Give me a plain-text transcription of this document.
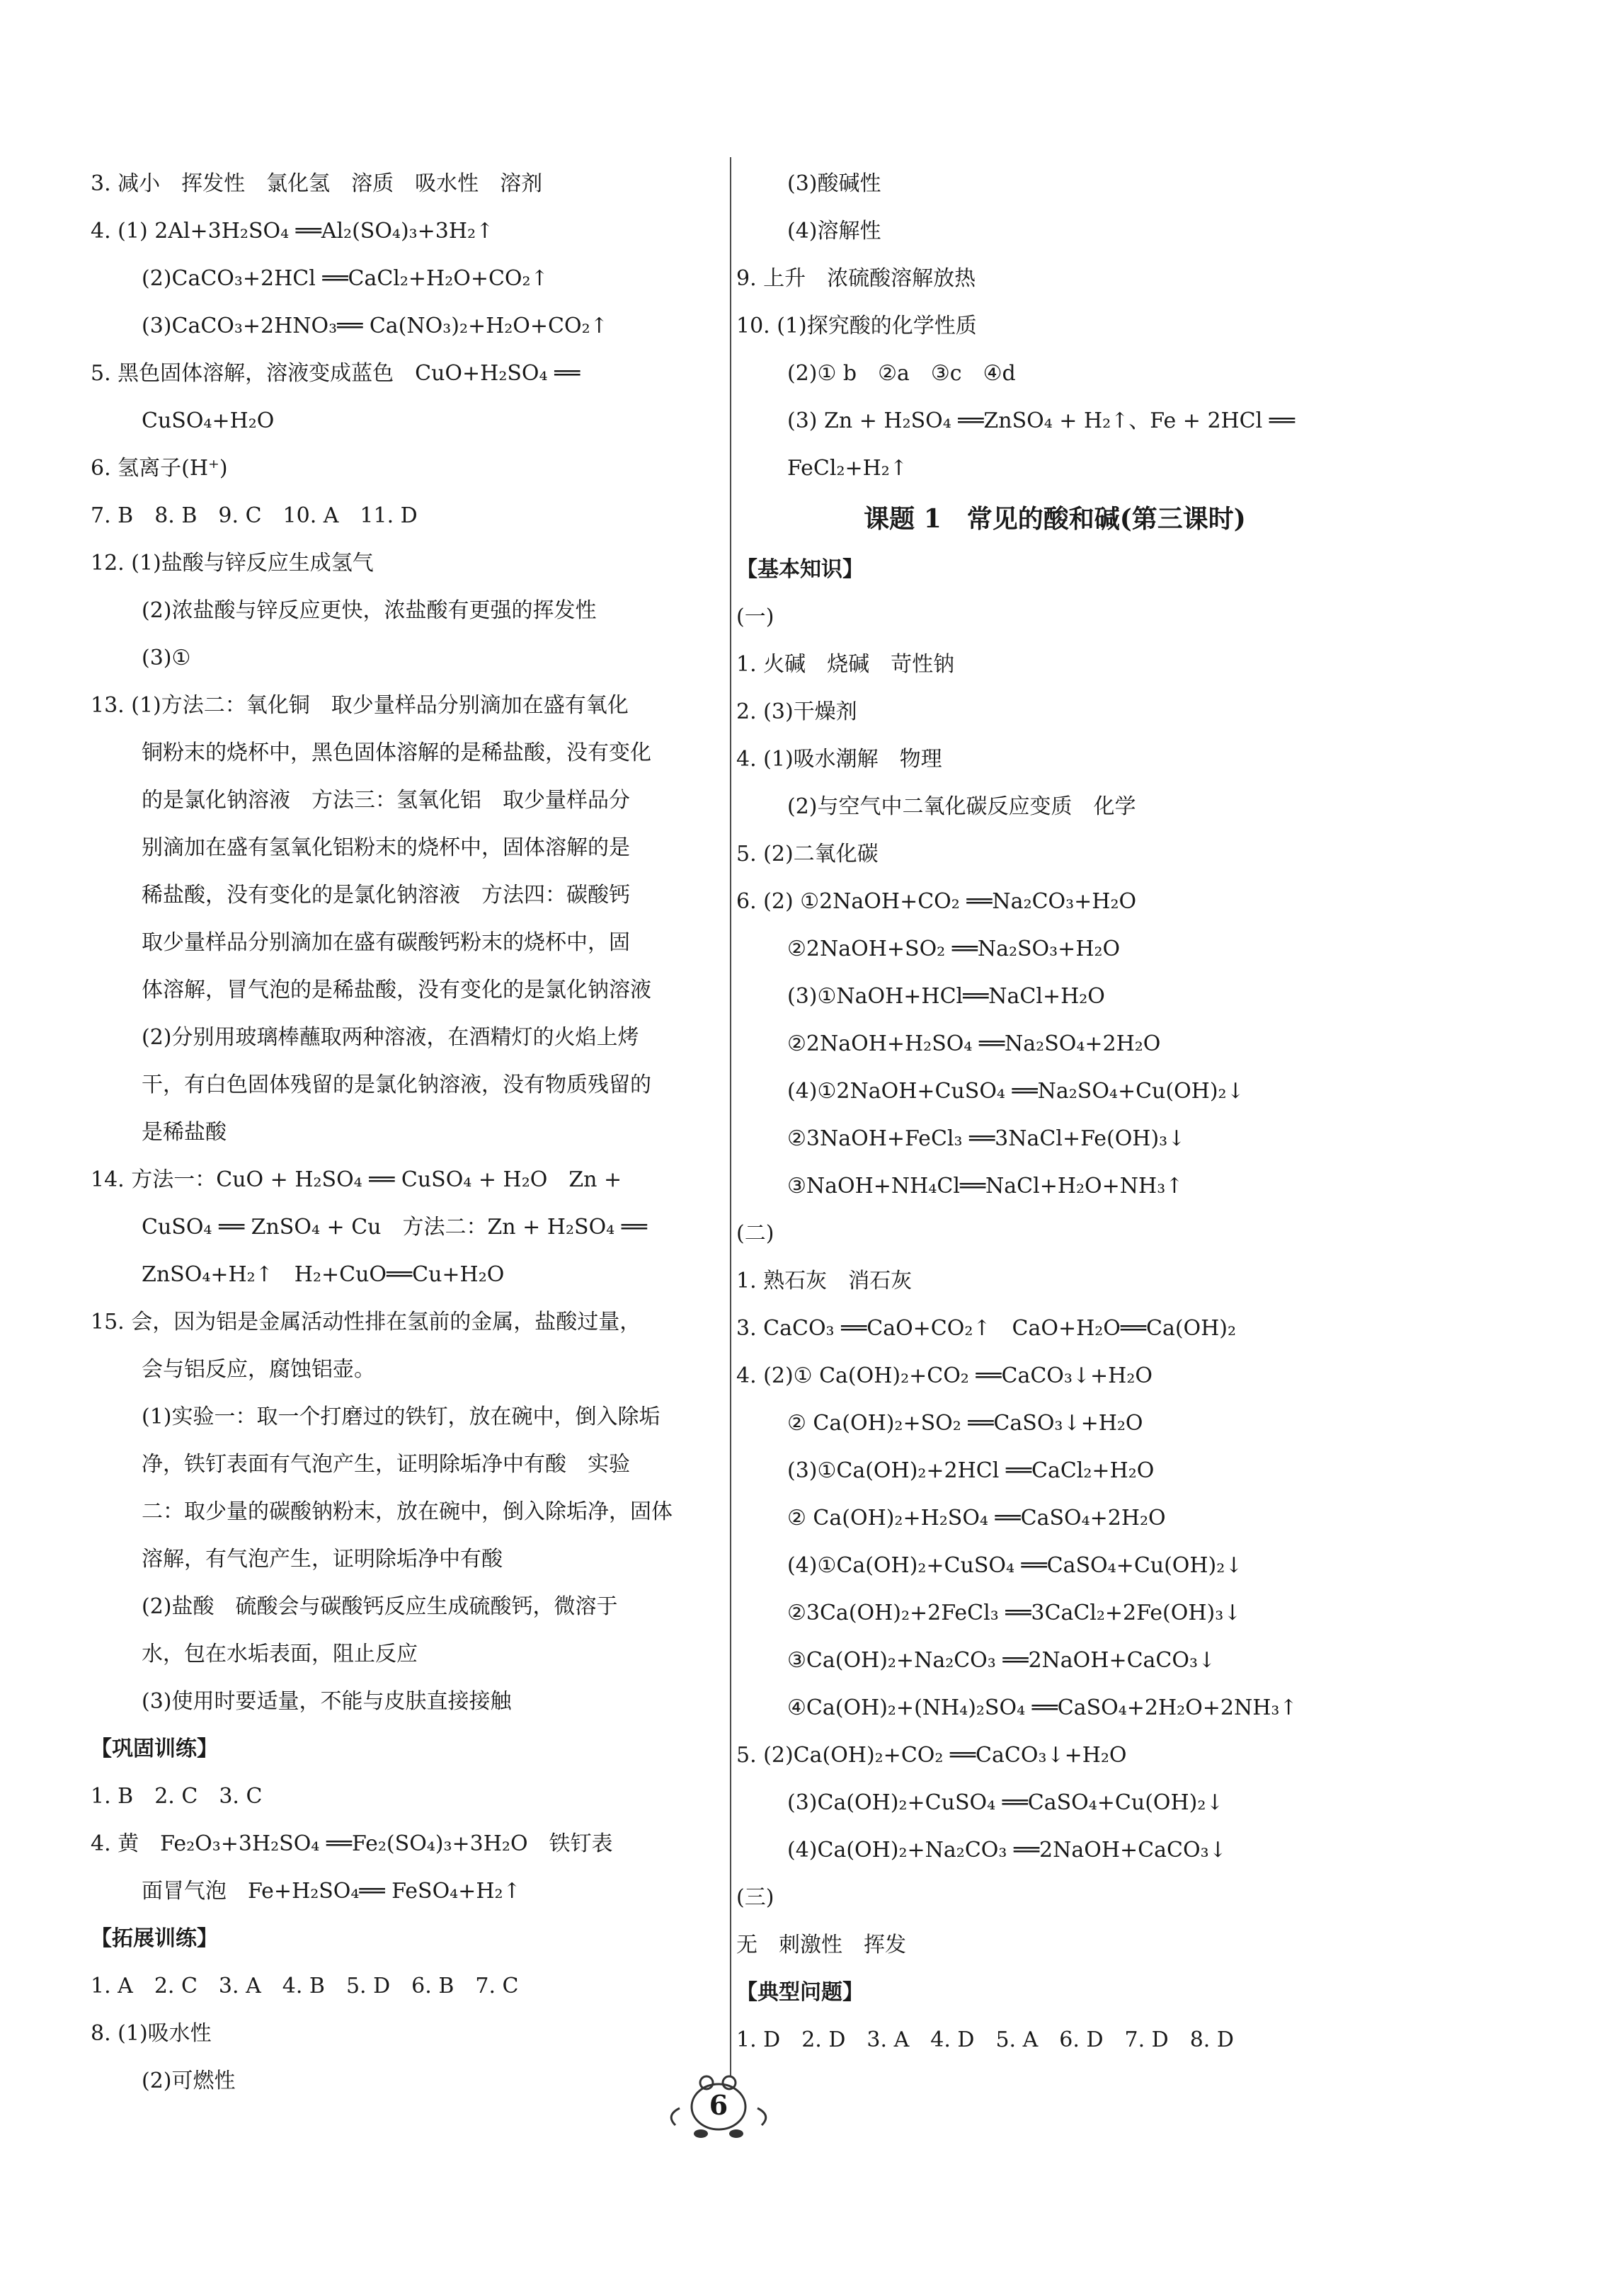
3. 减小　挥发性　氯化氢　溶质　吸水性　溶剂
4. (1) 2Al+3H₂SO₄ ══Al₂(SO₄)₃+3H₂↑
(2)CaCO₃+2HCl ══CaCl₂+H₂O+CO₂↑
(3)CaCO₃+2HNO₃══ Ca(NO₃)₂+H₂O+CO₂↑
5. 黑色固体溶解，溶液变成蓝色　CuO+H₂SO₄ ══
CuSO₄+H₂O
6. 氢离子(H⁺)
7. B　8. B　9. C　10. A　11. D
12. (1)盐酸与锌反应生成氢气
(2)浓盐酸与锌反应更快，浓盐酸有更强的挥发性
(3)①
13. (1)方法二：氧化铜　取少量样品分别滴加在盛有氧化
铜粉末的烧杯中，黑色固体溶解的是稀盐酸，没有变化
的是氯化钠溶液　方法三：氢氧化铝　取少量样品分
别滴加在盛有氢氧化铝粉末的烧杯中，固体溶解的是
稀盐酸，没有变化的是氯化钠溶液　方法四：碳酸钙
取少量样品分别滴加在盛有碳酸钙粉末的烧杯中，固
体溶解，冒气泡的是稀盐酸，没有变化的是氯化钠溶液
(2)分别用玻璃棒蘸取两种溶液，在酒精灯的火焰上烤
干，有白色固体残留的是氯化钠溶液，没有物质残留的
是稀盐酸
14. 方法一：CuO + H₂SO₄ ══ CuSO₄ + H₂O　Zn +
CuSO₄ ══ ZnSO₄ + Cu　方法二：Zn + H₂SO₄ ══
ZnSO₄+H₂↑　H₂+CuO══Cu+H₂O
15. 会，因为铝是金属活动性排在氢前的金属，盐酸过量，
会与铝反应，腐蚀铝壶。
(1)实验一：取一个打磨过的铁钉，放在碗中，倒入除垢
净，铁钉表面有气泡产生，证明除垢净中有酸　实验
二：取少量的碳酸钠粉末，放在碗中，倒入除垢净，固体
溶解，有气泡产生，证明除垢净中有酸
(2)盐酸　硫酸会与碳酸钙反应生成硫酸钙，微溶于
水，包在水垢表面，阻止反应
(3)使用时要适量，不能与皮肤直接接触
【巩固训练】
1. B　2. C　3. C
4. 黄　Fe₂O₃+3H₂SO₄ ══Fe₂(SO₄)₃+3H₂O　铁钉表
面冒气泡　Fe+H₂SO₄══ FeSO₄+H₂↑
【拓展训练】
1. A　2. C　3. A　4. B　5. D　6. B　7. C
8. (1)吸水性
(2)可燃性
(3)酸碱性
(4)溶解性
9. 上升　浓硫酸溶解放热
10. (1)探究酸的化学性质
(2)① b　②a　③c　④d
(3) Zn + H₂SO₄ ══ZnSO₄ + H₂↑、Fe + 2HCl ══
FeCl₂+H₂↑
课题 1　常见的酸和碱(第三课时)
【基本知识】
(一)
1. 火碱　烧碱　苛性钠
2. (3)干燥剂
4. (1)吸水潮解　物理
(2)与空气中二氧化碳反应变质　化学
5. (2)二氧化碳
6. (2) ①2NaOH+CO₂ ══Na₂CO₃+H₂O
②2NaOH+SO₂ ══Na₂SO₃+H₂O
(3)①NaOH+HCl══NaCl+H₂O
②2NaOH+H₂SO₄ ══Na₂SO₄+2H₂O
(4)①2NaOH+CuSO₄ ══Na₂SO₄+Cu(OH)₂↓
②3NaOH+FeCl₃ ══3NaCl+Fe(OH)₃↓
③NaOH+NH₄Cl══NaCl+H₂O+NH₃↑
(二)
1. 熟石灰　消石灰
3. CaCO₃ ══CaO+CO₂↑　CaO+H₂O══Ca(OH)₂
4. (2)① Ca(OH)₂+CO₂ ══CaCO₃↓+H₂O
② Ca(OH)₂+SO₂ ══CaSO₃↓+H₂O
(3)①Ca(OH)₂+2HCl ══CaCl₂+H₂O
② Ca(OH)₂+H₂SO₄ ══CaSO₄+2H₂O
(4)①Ca(OH)₂+CuSO₄ ══CaSO₄+Cu(OH)₂↓
②3Ca(OH)₂+2FeCl₃ ══3CaCl₂+2Fe(OH)₃↓
③Ca(OH)₂+Na₂CO₃ ══2NaOH+CaCO₃↓
④Ca(OH)₂+(NH₄)₂SO₄ ══CaSO₄+2H₂O+2NH₃↑
5. (2)Ca(OH)₂+CO₂ ══CaCO₃↓+H₂O
(3)Ca(OH)₂+CuSO₄ ══CaSO₄+Cu(OH)₂↓
(4)Ca(OH)₂+Na₂CO₃ ══2NaOH+CaCO₃↓
(三)
无　刺激性　挥发
【典型问题】
1. D　2. D　3. A　4. D　5. A　6. D　7. D　8. D
6
